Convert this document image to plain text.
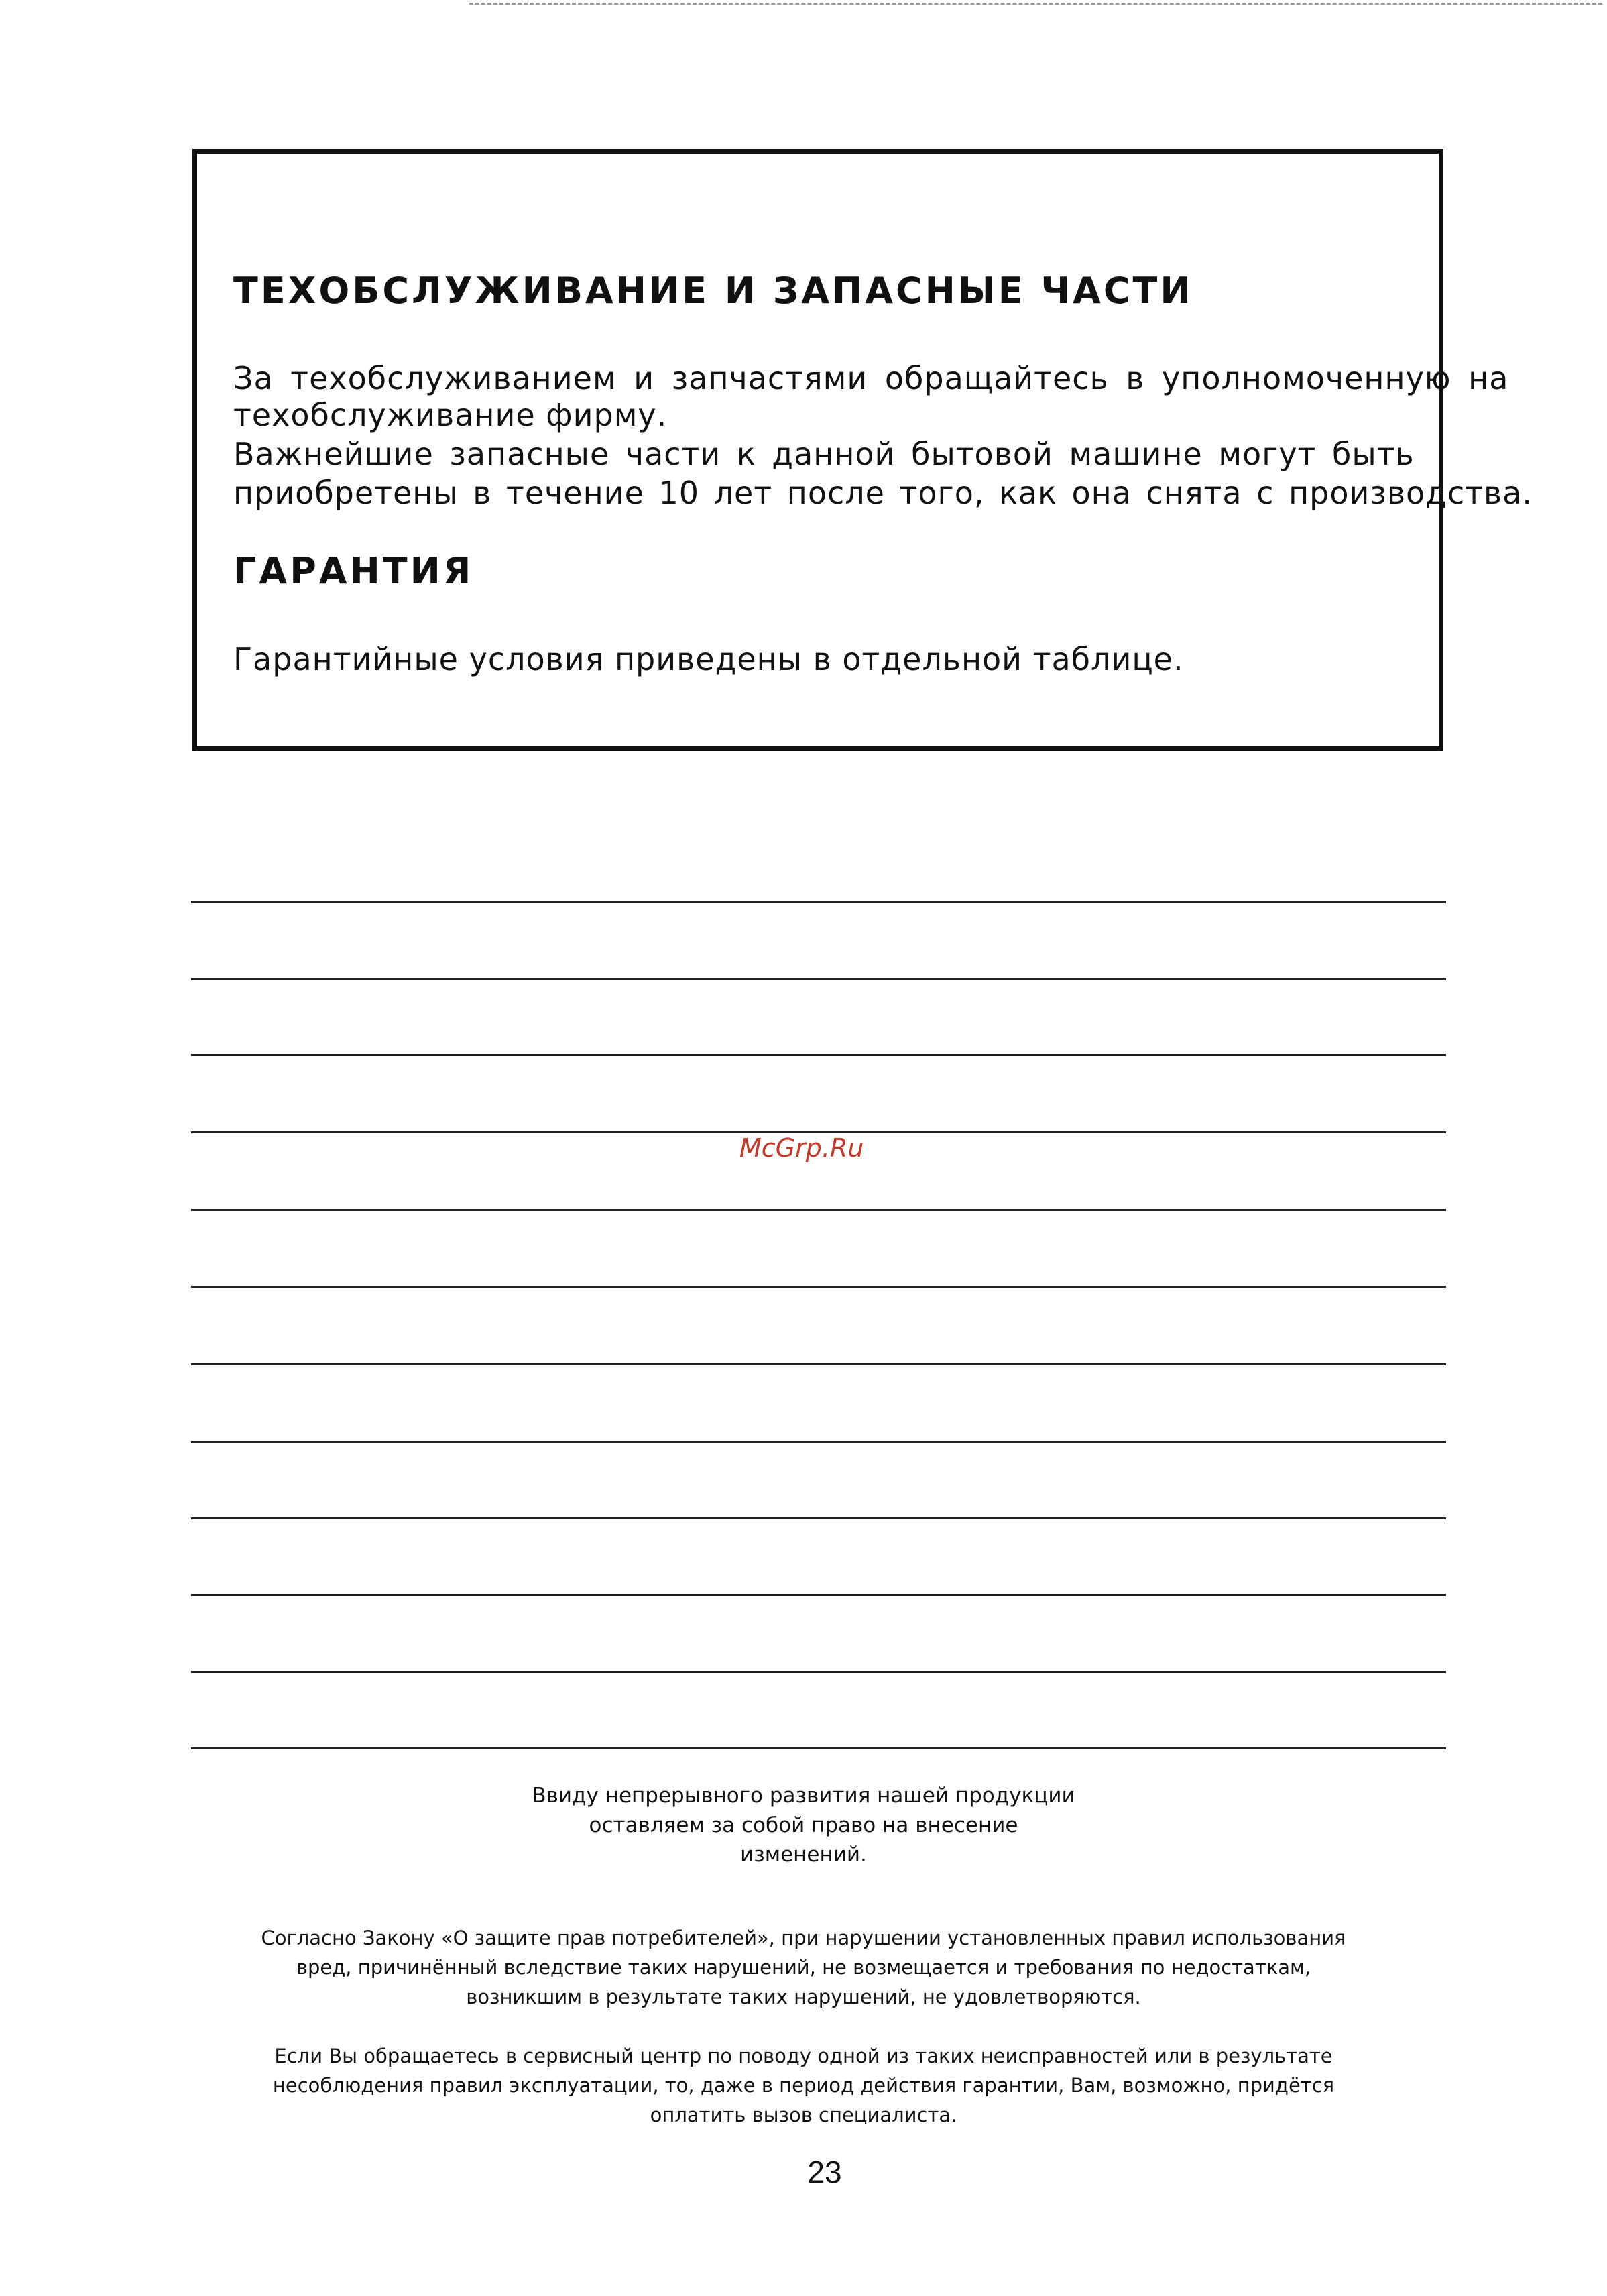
ТЕХОБСЛУЖИВАНИЕ И ЗАПАСНЫЕ ЧАСТИ

За техобслуживанием и запчастями обращайтесь в уполномоченную на

техобслуживание фирму.

Важнейшие запасные части к данной бытовой машине могут быть

приобретены в течение 10 лет после того, как она снята с производства.

ГАРАНТИЯ

Гарантийные условия приведены в отдельной таблице.

McGrp.Ru
Ввиду непрерывного развития нашей продукции
оставляем за собой право на внесение
изменений.
Согласно Закону «О защите прав потребителей», при нарушении установленных правил использования
вред, причинённый вследствие таких нарушений, не возмещается и требования по недостаткам,
возникшим в результате таких нарушений, не удовлетворяются.
Если Вы обращаетесь в сервисный центр по поводу одной из таких неисправностей или в результате
несоблюдения правил эксплуатации, то, даже в период действия гарантии, Вам, возможно, придётся
оплатить вызов специалиста.
23
